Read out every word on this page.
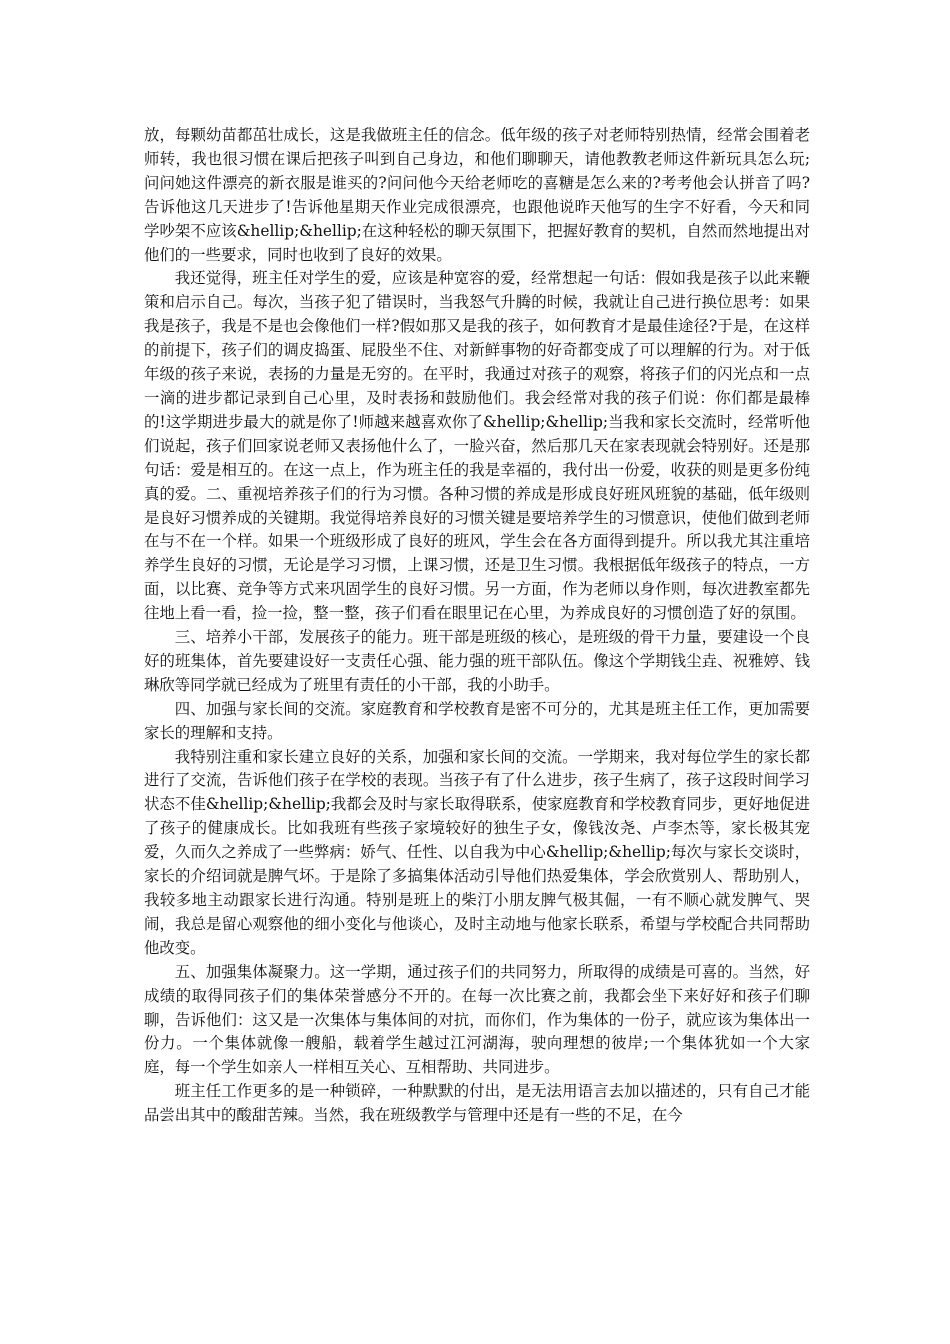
放，每颗幼苗都茁壮成长，这是我做班主任的信念。低年级的孩子对老师特别热情，经常会围着老师转，我也很习惯在课后把孩子叫到自己身边，和他们聊聊天，请他教教老师这件新玩具怎么玩;问问她这件漂亮的新衣服是谁买的?问问他今天给老师吃的喜糖是怎么来的?考考他会认拼音了吗?告诉他这几天进步了!告诉他星期天作业完成很漂亮，也跟他说昨天他写的生字不好看，今天和同学吵架不应该&hellip;&hellip;在这种轻松的聊天氛围下，把握好教育的契机，自然而然地提出对他们的一些要求，同时也收到了良好的效果。

我还觉得，班主任对学生的爱，应该是种宽容的爱，经常想起一句话：假如我是孩子以此来鞭策和启示自己。每次，当孩子犯了错误时，当我怒气升腾的时候，我就让自己进行换位思考：如果我是孩子，我是不是也会像他们一样?假如那又是我的孩子，如何教育才是最佳途径?于是，在这样的前提下，孩子们的调皮捣蛋、屁股坐不住、对新鲜事物的好奇都变成了可以理解的行为。对于低年级的孩子来说，表扬的力量是无穷的。在平时，我通过对孩子的观察，将孩子们的闪光点和一点一滴的进步都记录到自己心里，及时表扬和鼓励他们。我会经常对我的孩子们说：你们都是最棒的!这学期进步最大的就是你了!师越来越喜欢你了&hellip;&hellip;当我和家长交流时，经常听他们说起，孩子们回家说老师又表扬他什么了，一脸兴奋，然后那几天在家表现就会特别好。还是那句话：爱是相互的。在这一点上，作为班主任的我是幸福的，我付出一份爱，收获的则是更多份纯真的爱。二、重视培养孩子们的行为习惯。各种习惯的养成是形成良好班风班貌的基础，低年级则是良好习惯养成的关键期。我觉得培养良好的习惯关键是要培养学生的习惯意识，使他们做到老师在与不在一个样。如果一个班级形成了良好的班风，学生会在各方面得到提升。所以我尤其注重培养学生良好的习惯，无论是学习习惯，上课习惯，还是卫生习惯。我根据低年级孩子的特点，一方面，以比赛、竞争等方式来巩固学生的良好习惯。另一方面，作为老师以身作则，每次进教室都先往地上看一看，捡一捡，整一整，孩子们看在眼里记在心里，为养成良好的习惯创造了好的氛围。

三、培养小干部，发展孩子的能力。班干部是班级的核心，是班级的骨干力量，要建设一个良好的班集体，首先要建设好一支责任心强、能力强的班干部队伍。像这个学期钱尘垚、祝雅婷、钱琳欣等同学就已经成为了班里有责任的小干部，我的小助手。

四、加强与家长间的交流。家庭教育和学校教育是密不可分的，尤其是班主任工作，更加需要家长的理解和支持。

我特别注重和家长建立良好的关系，加强和家长间的交流。一学期来，我对每位学生的家长都进行了交流，告诉他们孩子在学校的表现。当孩子有了什么进步，孩子生病了，孩子这段时间学习状态不佳&hellip;&hellip;我都会及时与家长取得联系，使家庭教育和学校教育同步，更好地促进了孩子的健康成长。比如我班有些孩子家境较好的独生子女，像钱汝尧、卢李杰等，家长极其宠爱，久而久之养成了一些弊病：娇气、任性、以自我为中心&hellip;&hellip;每次与家长交谈时，家长的介绍词就是脾气坏。于是除了多搞集体活动引导他们热爱集体，学会欣赏别人、帮助别人，我较多地主动跟家长进行沟通。特别是班上的柴汀小朋友脾气极其倔，一有不顺心就发脾气、哭闹，我总是留心观察他的细小变化与他谈心，及时主动地与他家长联系，希望与学校配合共同帮助他改变。

五、加强集体凝聚力。这一学期，通过孩子们的共同努力，所取得的成绩是可喜的。当然，好成绩的取得同孩子们的集体荣誉感分不开的。在每一次比赛之前，我都会坐下来好好和孩子们聊聊，告诉他们：这又是一次集体与集体间的对抗，而你们，作为集体的一份子，就应该为集体出一份力。一个集体就像一艘船，载着学生越过江河湖海，驶向理想的彼岸;一个集体犹如一个大家庭，每一个学生如亲人一样相互关心、互相帮助、共同进步。

班主任工作更多的是一种锁碎，一种默默的付出，是无法用语言去加以描述的，只有自己才能品尝出其中的酸甜苦辣。当然，我在班级教学与管理中还是有一些的不足，在今
